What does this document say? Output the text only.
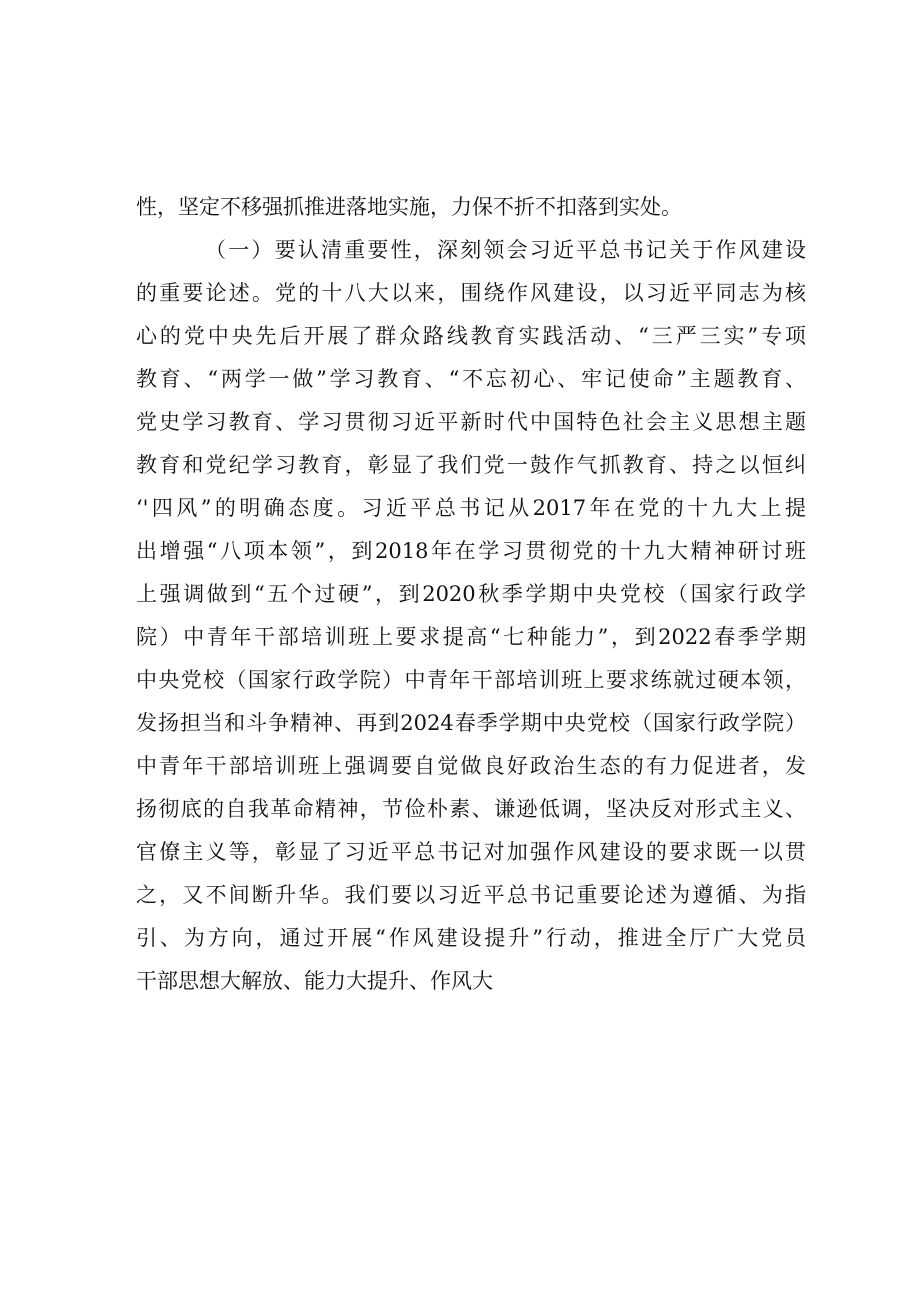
性，坚定不移强抓推进落地实施，力保不折不扣落到实处。
（一）要认清重要性，深刻领会习近平总书记关于作风建设
的重要论述。党的十八大以来，围绕作风建设，以习近平同志为核
心的党中央先后开展了群众路线教育实践活动、“三严三实”专项
教育、“两学一做”学习教育、“不忘初心、牢记使命”主题教育、
党史学习教育、学习贯彻习近平新时代中国特色社会主义思想主题
教育和党纪学习教育，彰显了我们党一鼓作气抓教育、持之以恒纠
‘'四风”的明确态度。习近平总书记从2017年在党的十九大上提
出增强“八项本领”，到2018年在学习贯彻党的十九大精神研讨班
上强调做到“五个过硬”，到2020秋季学期中央党校（国家行政学
院）中青年干部培训班上要求提高“七种能力”，到2022春季学期
中央党校（国家行政学院）中青年干部培训班上要求练就过硬本领，
发扬担当和斗争精神、再到2024春季学期中央党校（国家行政学院）
中青年干部培训班上强调要自觉做良好政治生态的有力促进者，发
扬彻底的自我革命精神，节俭朴素、谦逊低调，坚决反对形式主义、
官僚主义等，彰显了习近平总书记对加强作风建设的要求既一以贯
之，又不间断升华。我们要以习近平总书记重要论述为遵循、为指
引、为方向，通过开展“作风建设提升”行动，推进全厅广大党员
干部思想大解放、能力大提升、作风大
